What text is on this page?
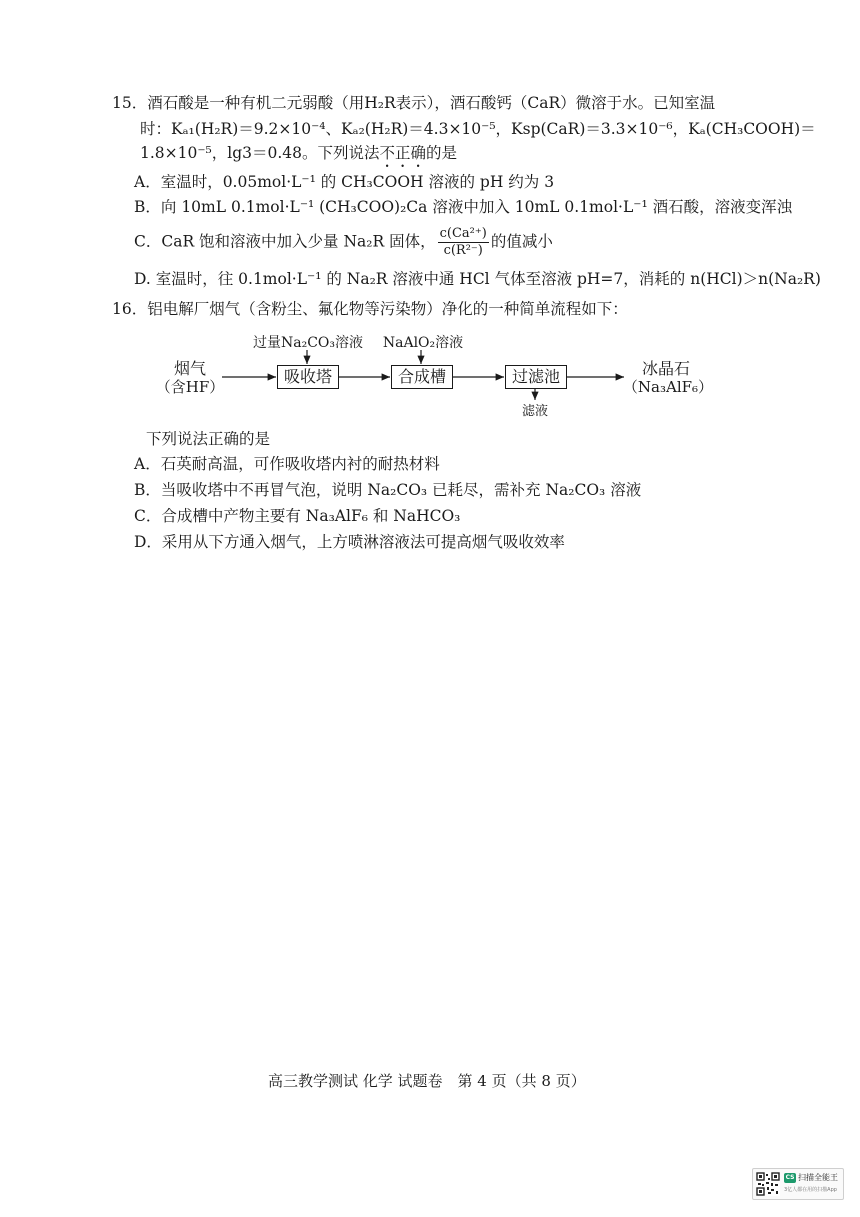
15．酒石酸是一种有机二元弱酸（用H₂R表示），酒石酸钙（CaR）微溶于水。已知室温
时：Kₐ₁(H₂R)＝9.2×10⁻⁴、Kₐ₂(H₂R)＝4.3×10⁻⁵，Ksp(CaR)＝3.3×10⁻⁶，Kₐ(CH₃COOH)＝
1.8×10⁻⁵，lg3＝0.48。下列说法不正确的是
A．室温时，0.05mol·L⁻¹ 的 CH₃COOH 溶液的 pH 约为 3
B．向 10mL 0.1mol·L⁻¹ (CH₃COO)₂Ca 溶液中加入 10mL 0.1mol·L⁻¹ 酒石酸，溶液变浑浊
C．CaR 饱和溶液中加入少量 Na₂R 固体， $\frac{\text{c(Ca²⁺)}}{\text{c(R²⁻)}}$ 的值减小
D. 室温时，往 0.1mol·L⁻¹ 的 Na₂R 溶液中通 HCl 气体至溶液 pH=7，消耗的 n(HCl)＞n(Na₂R)
16．铝电解厂烟气（含粉尘、氟化物等污染物）净化的一种简单流程如下：
烟气
（含HF）
过量Na₂CO₃溶液	NaAlO₂溶液
吸收塔	合成槽	过滤池
滤液
冰晶石
（Na₃AlF₆）
下列说法正确的是
A．石英耐高温，可作吸收塔内衬的耐热材料
B．当吸收塔中不再冒气泡，说明 Na₂CO₃ 已耗尽，需补充 Na₂CO₃ 溶液
C．合成槽中产物主要有 Na₃AlF₆ 和 NaHCO₃
D．采用从下方通入烟气，上方喷淋溶液法可提高烟气吸收效率
高三教学测试 化学 试题卷　第 4 页（共 8 页）
CS 扫描全能王
3亿人都在用的扫描App
